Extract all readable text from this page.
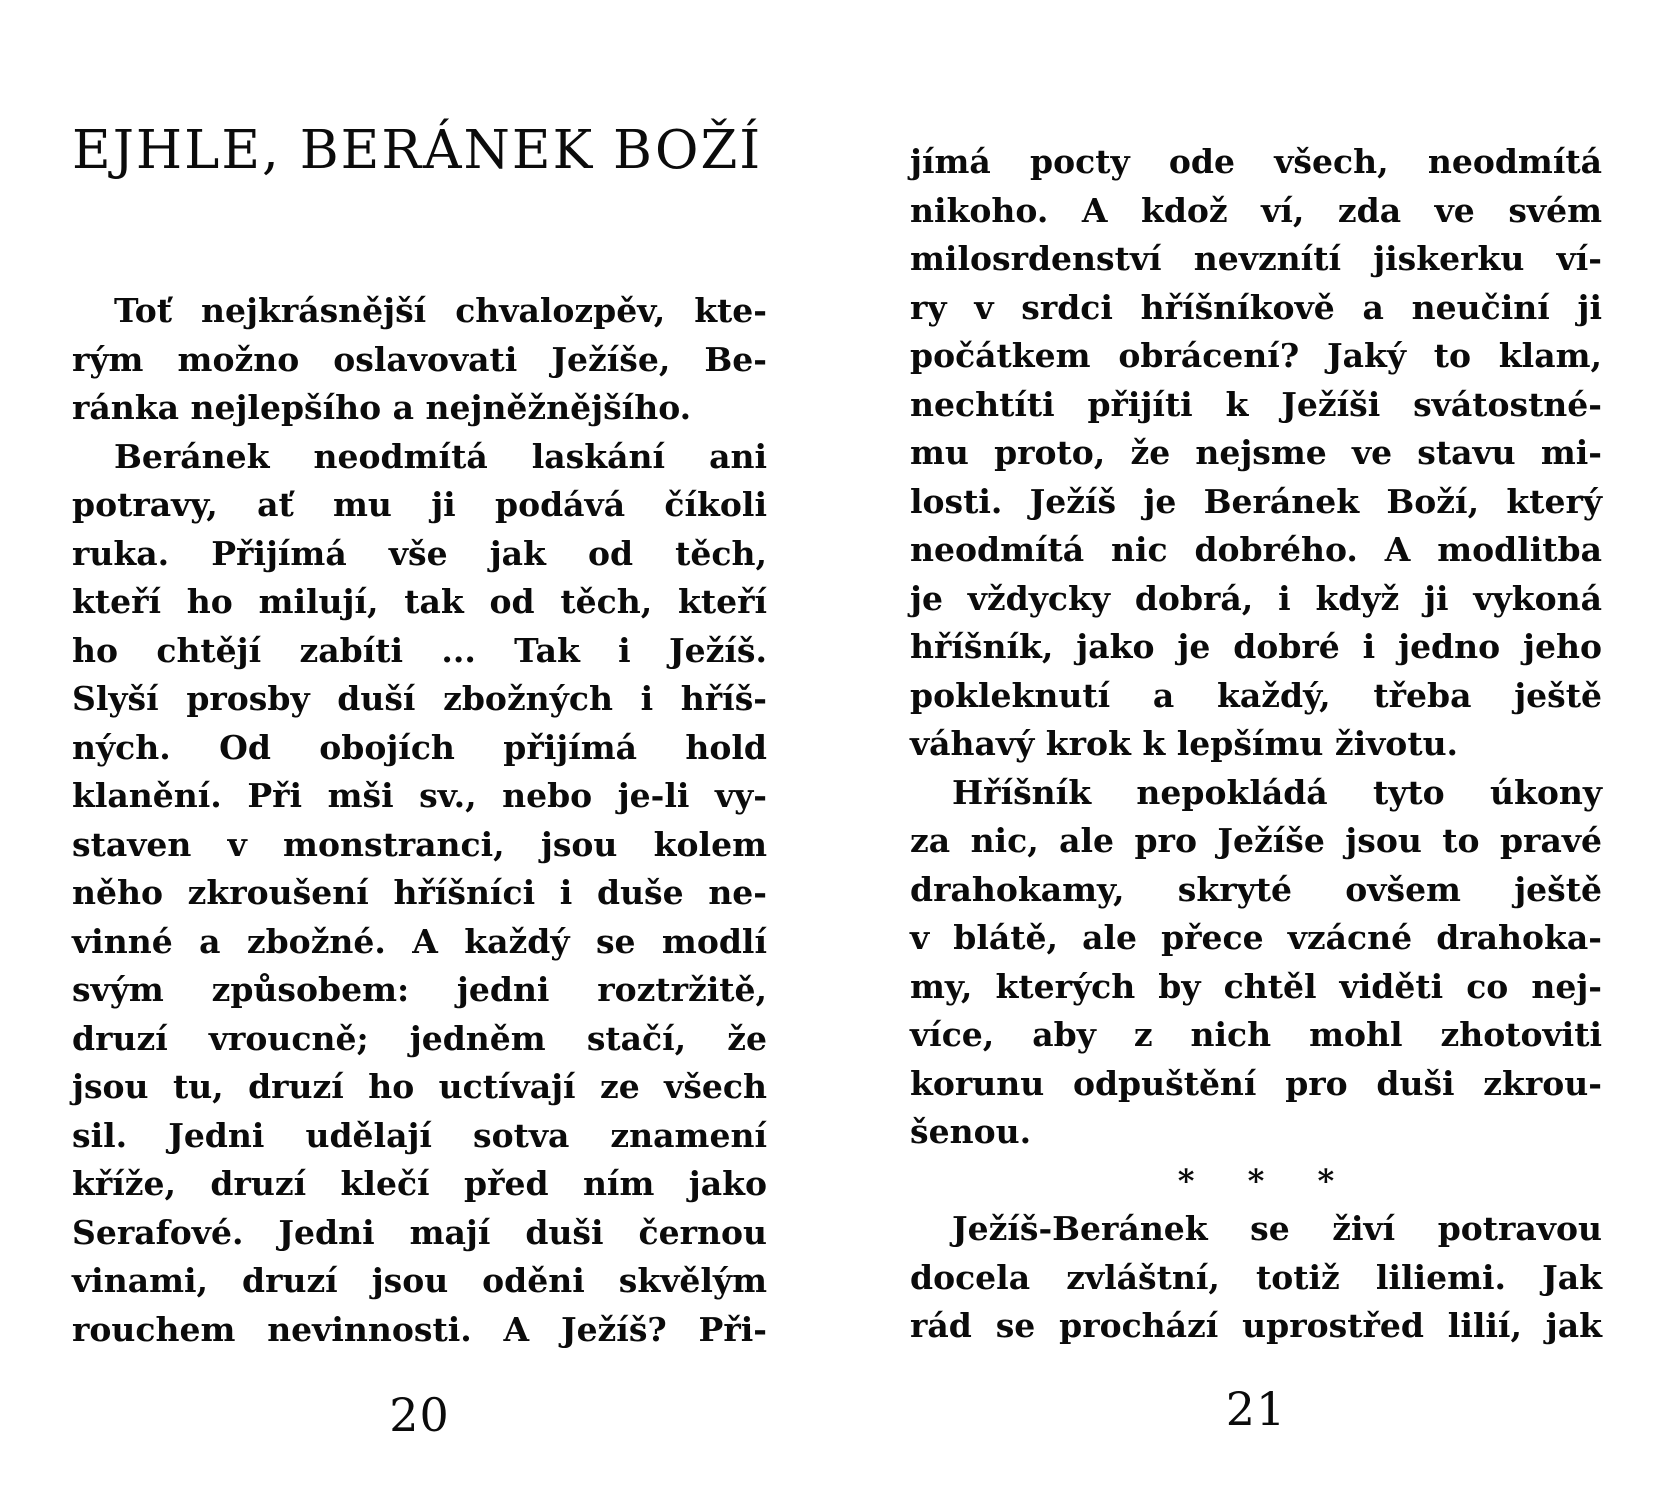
EJHLE, BERÁNEK BOŽÍ
Toť nejkrásnější chvalozpěv, kte-
rým možno oslavovati Ježíše, Be-
ránka nejlepšího a nejněžnějšího.
Beránek neodmítá laskání ani
potravy, ať mu ji podává číkoli
ruka. Přijímá vše jak od těch,
kteří ho milují, tak od těch, kteří
ho chtějí zabíti ... Tak i Ježíš.
Slyší prosby duší zbožných i hříš-
ných. Od obojích přijímá hold
klanění. Při mši sv., nebo je-li vy-
staven v monstranci, jsou kolem
něho zkroušení hříšníci i duše ne-
vinné a zbožné. A každý se modlí
svým způsobem: jedni roztržitě,
druzí vroucně; jedněm stačí, že
jsou tu, druzí ho uctívají ze všech
sil. Jedni udělají sotva znamení
kříže, druzí klečí před ním jako
Serafové. Jedni mají duši černou
vinami, druzí jsou oděni skvělým
rouchem nevinnosti. A Ježíš? Při-
20
jímá pocty ode všech, neodmítá
nikoho. A kdož ví, zda ve svém
milosrdenství nevznítí jiskerku ví-
ry v srdci hříšníkově a neučiní ji
počátkem obrácení? Jaký to klam,
nechtíti přijíti k Ježíši svátostné-
mu proto, že nejsme ve stavu mi-
losti. Ježíš je Beránek Boží, který
neodmítá nic dobrého. A modlitba
je vždycky dobrá, i když ji vykoná
hříšník, jako je dobré i jedno jeho
pokleknutí a každý, třeba ještě
váhavý krok k lepšímu životu.
Hříšník nepokládá tyto úkony
za nic, ale pro Ježíše jsou to pravé
drahokamy, skryté ovšem ještě
v blátě, ale přece vzácné drahoka-
my, kterých by chtěl viděti co nej-
více, aby z nich mohl zhotoviti
korunu odpuštění pro duši zkrou-
šenou.
* * *
Ježíš-Beránek se živí potravou
docela zvláštní, totiž liliemi. Jak
rád se prochází uprostřed lilií, jak
21
